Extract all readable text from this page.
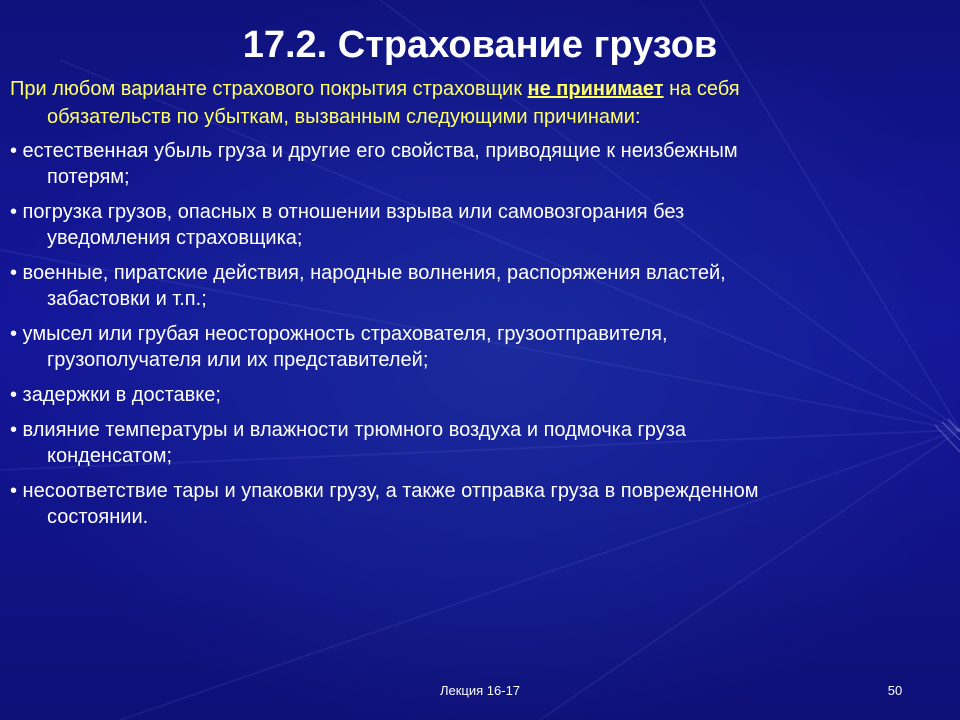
17.2. Страхование грузов

При любом варианте страхового покрытия страховщик не принимает на себя
обязательств по убыткам, вызванным следующими причинами:

• естественная убыль груза и другие его свойства, приводящие к неизбежным
потерям;
• погрузка грузов, опасных в отношении взрыва или самовозгорания без
уведомления страховщика;
• военные, пиратские действия, народные волнения, распоряжения властей,
забастовки и т.п.;
• умысел или грубая неосторожность страхователя, грузоотправителя,
грузополучателя или их представителей;
• задержки в доставке;
• влияние температуры и влажности трюмного воздуха и подмочка груза
конденсатом;
• несоответствие тары и упаковки грузу, а также отправка груза в поврежденном
состоянии.
Лекция 16-17	50
